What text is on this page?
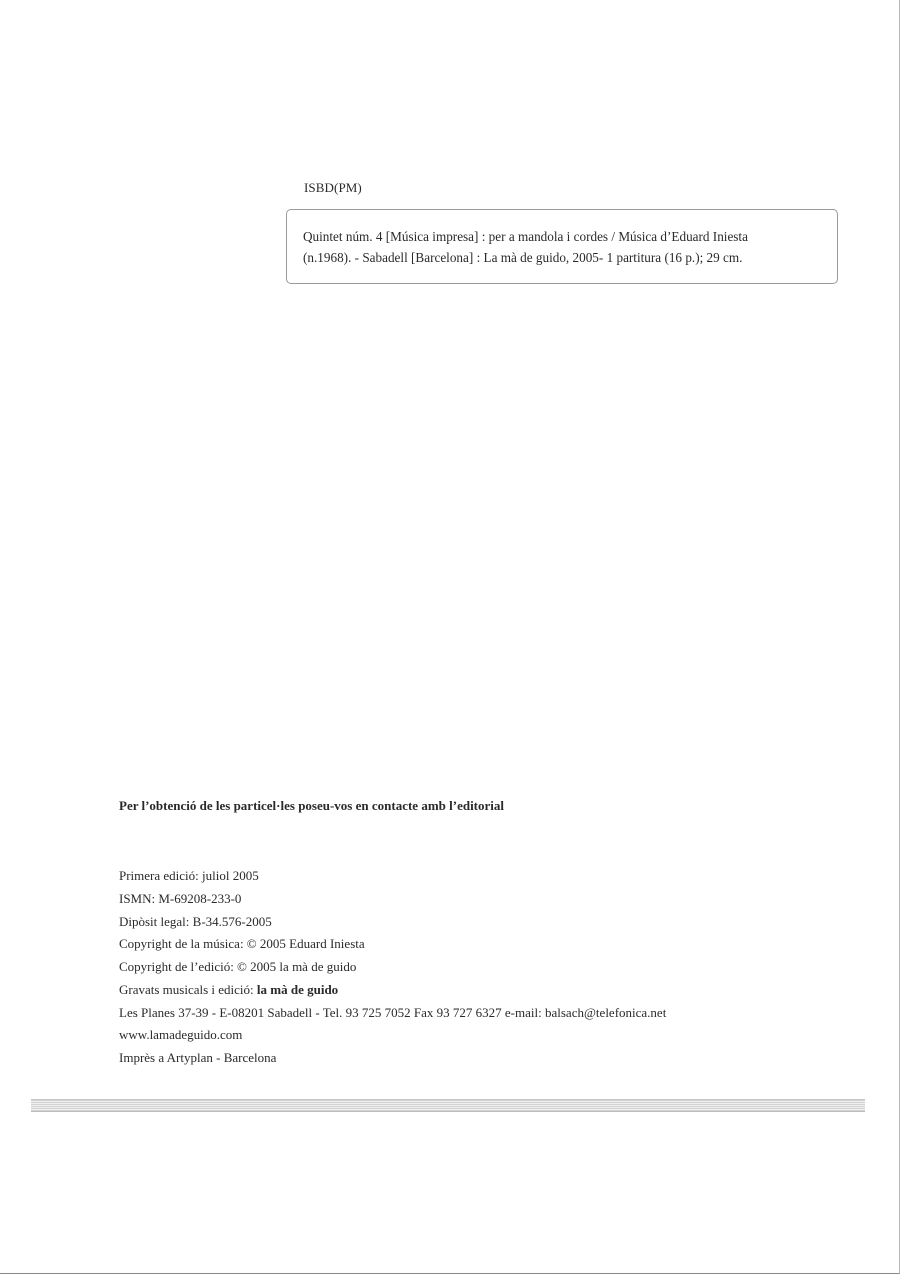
ISBD(PM)
Quintet núm. 4 [Música impresa] : per a mandola i cordes / Música d’Eduard Iniesta
(n.1968). - Sabadell [Barcelona] : La mà de guido, 2005- 1 partitura (16 p.); 29 cm.
Per l’obtenció de les particel·les poseu-vos en contacte amb l’editorial
Primera edició: juliol 2005
ISMN: M-69208-233-0
Dipòsit legal: B-34.576-2005
Copyright de la música: © 2005 Eduard Iniesta
Copyright de l’edició: © 2005 la mà de guido
Gravats musicals i edició: la mà de guido
Les Planes 37-39 - E-08201 Sabadell - Tel. 93 725 7052 Fax 93 727 6327 e-mail: balsach@telefonica.net
www.lamadeguido.com
Imprès a Artyplan - Barcelona
